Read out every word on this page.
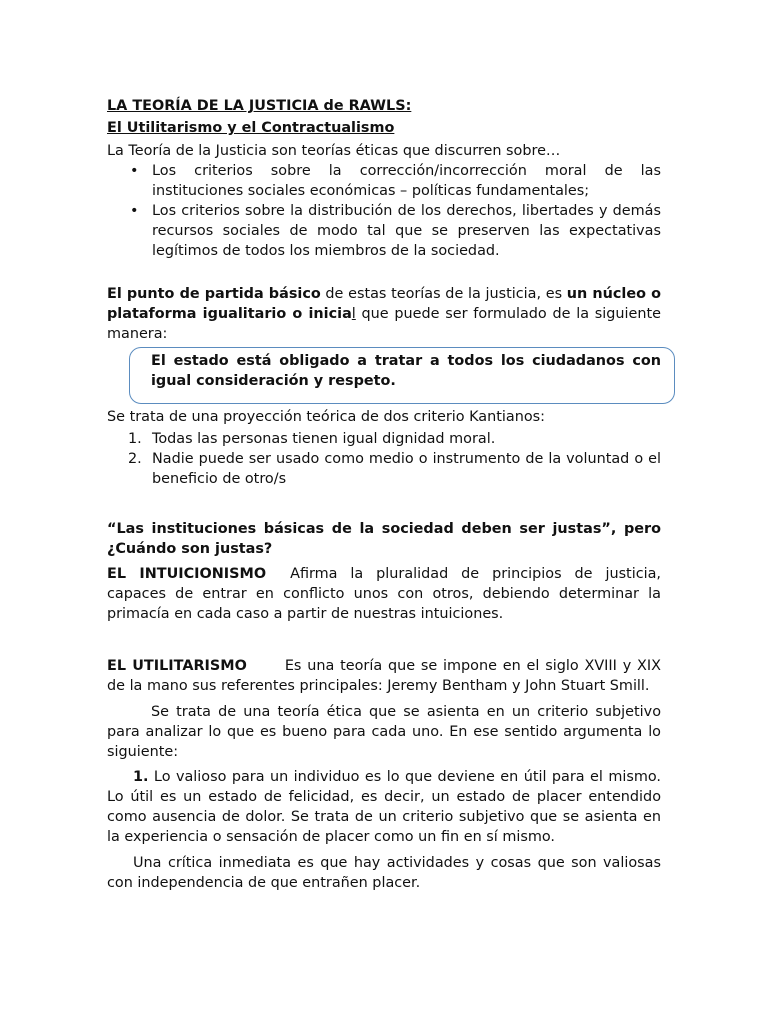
LA TEORÍA DE LA JUSTICIA de RAWLS:
El Utilitarismo y el Contractualismo

La Teoría de la Justicia son teorías éticas que discurren sobre…

• Los criterios sobre la corrección/incorrección moral de las instituciones sociales económicas – políticas fundamentales;
• Los criterios sobre la distribución de los derechos, libertades y demás recursos sociales de modo tal que se preserven las expectativas legítimos de todos los miembros de la sociedad.

El punto de partida básico de estas teorías de la justicia, es un núcleo o plataforma igualitario o inicial que puede ser formulado de la siguiente manera:

Se trata de una proyección teórica de dos criterio Kantianos:

1. Todas las personas tienen igual dignidad moral.
2. Nadie puede ser usado como medio o instrumento de la voluntad o el beneficio de otro/s

“Las instituciones básicas de la sociedad deben ser justas”, pero ¿Cuándo son justas?

EL INTUICIONISMO Afirma la pluralidad de principios de justicia, capaces de entrar en conflicto unos con otros, debiendo determinar la primacía en cada caso a partir de nuestras intuiciones.

EL UTILITARISMO	Es una teoría que se impone en el siglo XVIII y XIX de la mano sus referentes principales: Jeremy Bentham y John Stuart Smill.

Se trata de una teoría ética que se asienta en un criterio subjetivo para analizar lo que es bueno para cada uno. En ese sentido argumenta lo siguiente:

1. Lo valioso para un individuo es lo que deviene en útil para el mismo. Lo útil es un estado de felicidad, es decir, un estado de placer entendido como ausencia de dolor. Se trata de un criterio subjetivo que se asienta en la experiencia o sensación de placer como un fin en sí mismo.

Una crítica inmediata es que hay actividades y cosas que son valiosas con independencia de que entrañen placer.

El estado está obligado a tratar a todos los ciudadanos con igual consideración y respeto.
